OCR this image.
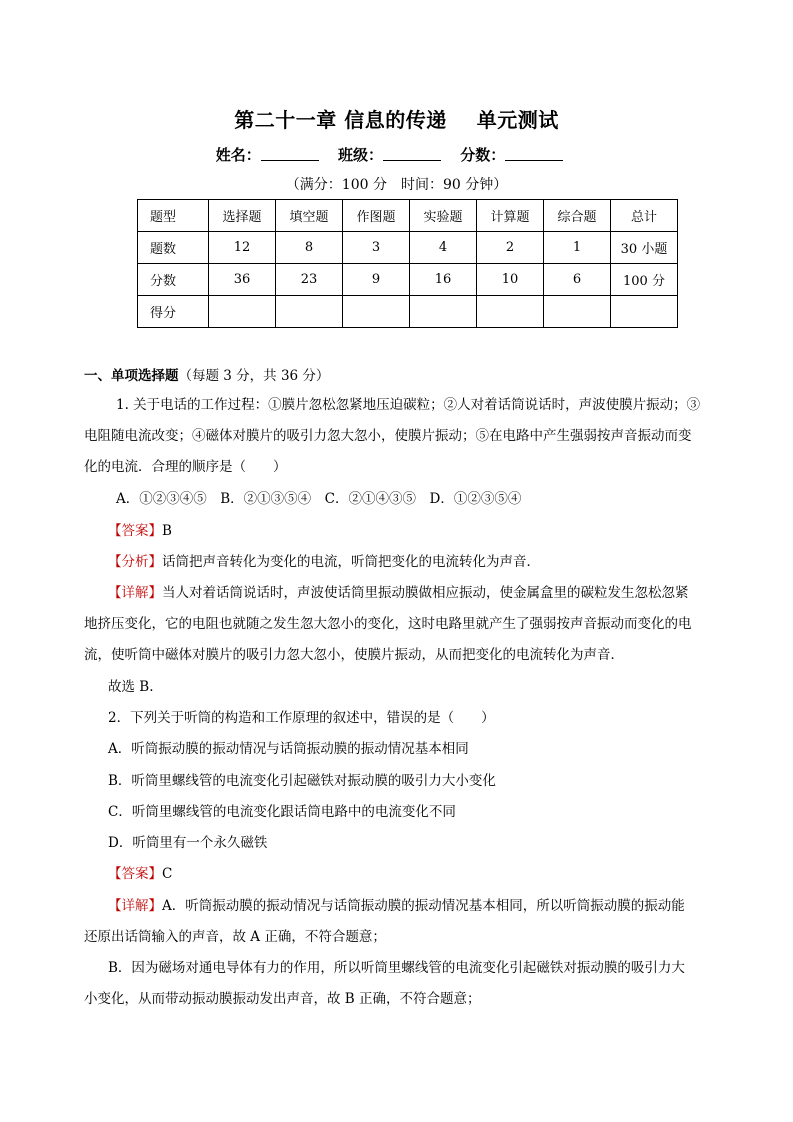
第二十一章 信息的传递 单元测试
姓名：	班级：	分数：
（满分：100 分　时间：90 分钟）
题型	选择题	填空题	作图题	实验题	计算题	综合题	总计
题数	12	8	3	4	2	1	30 小题
分数	36	23	9	16	10	6	100 分
得分							
一、单项选择题（每题 3 分，共 36 分）
1. 关于电话的工作过程：①膜片忽松忽紧地压迫碳粒；②人对着话筒说话时，声波使膜片振动；③
电阻随电流改变；④磁体对膜片的吸引力忽大忽小，使膜片振动；⑤在电路中产生强弱按声音振动而变
化的电流．合理的顺序是（　　）
A．①②③④⑤　B．②①③⑤④　C．②①④③⑤　D．①②③⑤④
【答案】B
【分析】话筒把声音转化为变化的电流，听筒把变化的电流转化为声音．
【详解】当人对着话筒说话时，声波使话筒里振动膜做相应振动，使金属盒里的碳粒发生忽松忽紧
地挤压变化，它的电阻也就随之发生忽大忽小的变化，这时电路里就产生了强弱按声音振动而变化的电
流，使听筒中磁体对膜片的吸引力忽大忽小，使膜片振动，从而把变化的电流转化为声音．
故选 B.
2．下列关于听筒的构造和工作原理的叙述中，错误的是（　　）
A．听筒振动膜的振动情况与话筒振动膜的振动情况基本相同
B．听筒里螺线管的电流变化引起磁铁对振动膜的吸引力大小变化
C．听筒里螺线管的电流变化跟话筒电路中的电流变化不同
D．听筒里有一个永久磁铁
【答案】C
【详解】A．听筒振动膜的振动情况与话筒振动膜的振动情况基本相同，所以听筒振动膜的振动能
还原出话筒输入的声音，故 A 正确，不符合题意；
B．因为磁场对通电导体有力的作用，所以听筒里螺线管的电流变化引起磁铁对振动膜的吸引力大
小变化，从而带动振动膜振动发出声音，故 B 正确，不符合题意；
